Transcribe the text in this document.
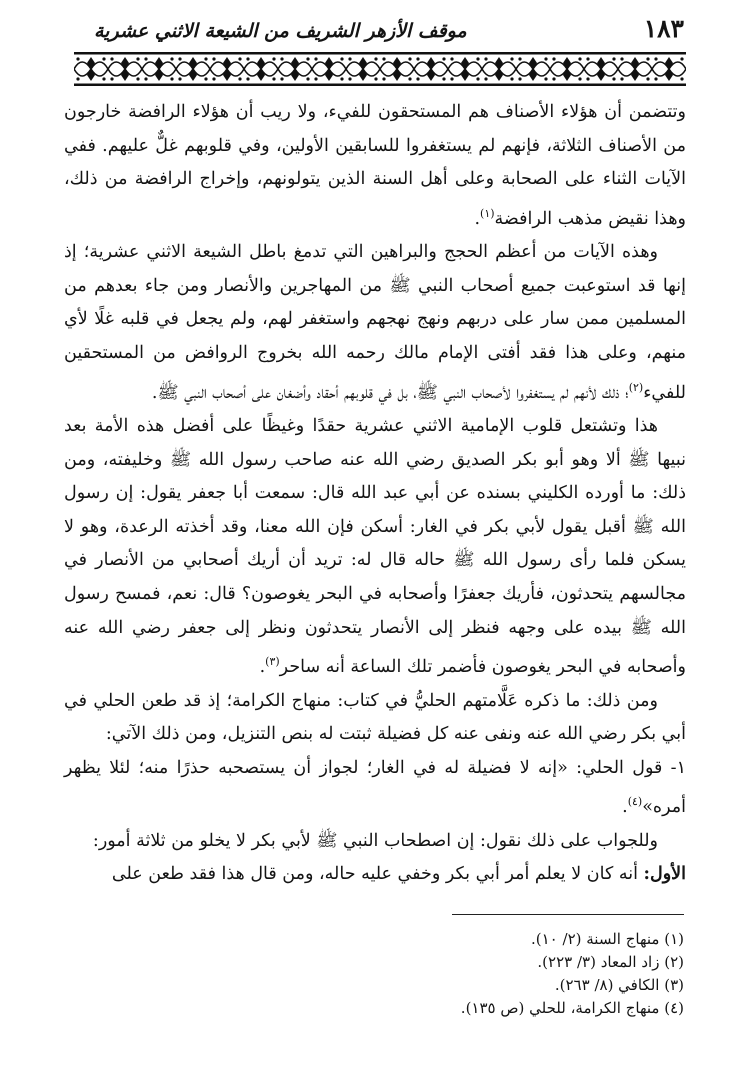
١٨٣
موقف الأزهر الشريف من الشيعة الاثني عشرية

وتتضمن أن هؤلاء الأصناف هم المستحقون للفيء، ولا ريب أن هؤلاء الرافضة خارجون من الأصناف الثلاثة، فإنهم لم يستغفروا للسابقين الأولين، وفي قلوبهم غلٌّ عليهم. ففي الآيات الثناء على الصحابة وعلى أهل السنة الذين يتولونهم، وإخراج الرافضة من ذلك، وهذا نقيض مذهب الرافضة$^{(١)}$.

وهذه الآيات من أعظم الحجج والبراهين التي تدمغ باطل الشيعة الاثني عشرية؛ إذ إنها قد استوعبت جميع أصحاب النبي ﷺ من المهاجرين والأنصار ومن جاء بعدهم من المسلمين ممن سار على دربهم ونهج نهجهم واستغفر لهم، ولم يجعل في قلبه غلًا لأي منهم، وعلى هذا فقد أفتى الإمام مالك رحمه الله بخروج الروافض من المستحقين للفيء$^{(٢)}$؛ ذلك لأنهم لم يستغفروا لأصحاب النبي ﷺ، بل في قلوبهم أحقاد وأضغان على أصحاب النبي ﷺ.

هذا وتشتعل قلوب الإمامية الاثني عشرية حقدًا وغيظًا على أفضل هذه الأمة بعد نبيها ﷺ ألا وهو أبو بكر الصديق رضي الله عنه صاحب رسول الله ﷺ وخليفته، ومن ذلك: ما أورده الكليني بسنده عن أبي عبد الله قال: سمعت أبا جعفر يقول: إن رسول الله ﷺ أقبل يقول لأبي بكر في الغار: أسكن فإن الله معنا، وقد أخذته الرعدة، وهو لا يسكن فلما رأى رسول الله ﷺ حاله قال له: تريد أن أريك أصحابي من الأنصار في مجالسهم يتحدثون، فأريك جعفرًا وأصحابه في البحر يغوصون؟ قال: نعم، فمسح رسول الله ﷺ بيده على وجهه فنظر إلى الأنصار يتحدثون ونظر إلى جعفر رضي الله عنه وأصحابه في البحر يغوصون فأضمر تلك الساعة أنه ساحر$^{(٣)}$.

ومن ذلك: ما ذكره عَلَّامتهم الحليُّ في كتاب: منهاج الكرامة؛ إذ قد طعن الحلي في أبي بكر رضي الله عنه ونفى عنه كل فضيلة ثبتت له بنص التنزيل، ومن ذلك الآتي:

١- قول الحلي: «إنه لا فضيلة له في الغار؛ لجواز أن يستصحبه حذرًا منه؛ لئلا يظهر أمره»$^{(٤)}$.

وللجواب على ذلك نقول: إن اصطحاب النبي ﷺ لأبي بكر لا يخلو من ثلاثة أمور:

الأول: أنه كان لا يعلم أمر أبي بكر وخفي عليه حاله، ومن قال هذا فقد طعن على

(١) منهاج السنة (٢/ ١٠).
(٢) زاد المعاد (٣/ ٢٢٣).
(٣) الكافي (٨/ ٢٦٣).
(٤) منهاج الكرامة، للحلي (ص ١٣٥).
